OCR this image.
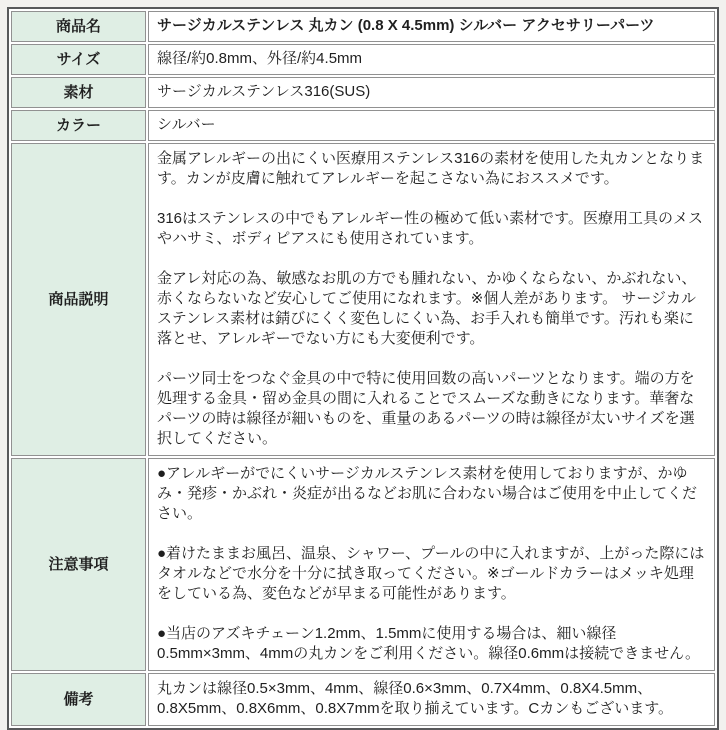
商品名	サージカルステンレス 丸カン (0.8 X 4.5mm) シルバー アクセサリーパーツ
サイズ	線径/約0.8mm、外径/約4.5mm
素材	サージカルステンレス316(SUS)
カラー	シルバー
商品説明	金属アレルギーの出にくい医療用ステンレス316の素材を使用した丸カンとなります。カンが皮膚に触れてアレルギーを起こさない為におススメです。
316はステンレスの中でもアレルギー性の極めて低い素材です。医療用工具のメスやハサミ、ボディピアスにも使用されています。
金アレ対応の為、敏感なお肌の方でも腫れない、かゆくならない、かぶれない、赤くならないなど安心してご使用になれます。※個人差があります。 サージカルステンレス素材は錆びにくく変色しにくい為、お手入れも簡単です。汚れも楽に落とせ、アレルギーでない方にも大変便利です。
パーツ同士をつなぐ金具の中で特に使用回数の高いパーツとなります。端の方を処理する金具・留め金具の間に入れることでスムーズな動きになります。華奢なパーツの時は線径が細いものを、重量のあるパーツの時は線径が太いサイズを選択してください。

注意事項	●アレルギーがでにくいサージカルステンレス素材を使用しておりますが、かゆみ・発疹・かぶれ・炎症が出るなどお肌に合わない場合はご使用を中止してください。
●着けたままお風呂、温泉、シャワー、プールの中に入れますが、上がった際にはタオルなどで水分を十分に拭き取ってください。※ゴールドカラーはメッキ処理をしている為、変色などが早まる可能性があります。
●当店のアズキチェーン1.2mm、1.5mmに使用する場合は、細い線径0.5mm×3mm、4mmの丸カンをご利用ください。線径0.6mmは接続できません。

備考	丸カンは線径0.5×3mm、4mm、線径0.6×3mm、0.7X4mm、0.8X4.5mm、0.8X5mm、0.8X6mm、0.8X7mmを取り揃えています。Cカンもございます。
